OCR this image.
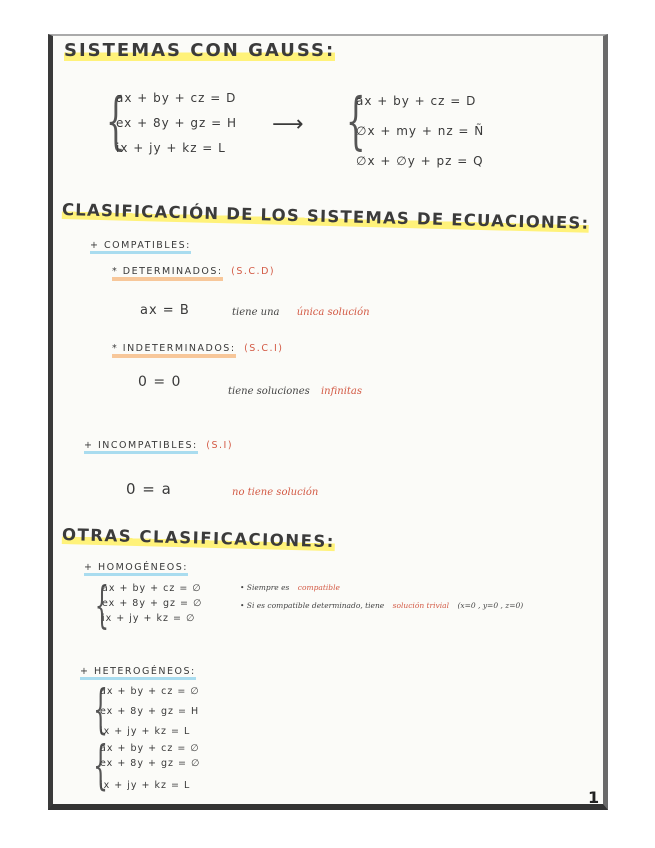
SISTEMAS CON GAUSS:
{
ax + by + cz = D
ex + 8y + gz = H
ix + jy + kz = L
⟶ {
ax + by + cz = D
∅x + my + nz = Ñ
∅x + ∅y + pz = Q
CLASIFICACIÓN DE LOS SISTEMAS DE ECUACIONES:
+ COMPATIBLES:
* DETERMINADOS: (S.C.D)
ax = B	tiene una única solución
* INDETERMINADOS: (S.C.I)
0 = 0
tiene soluciones infinitas
+ INCOMPATIBLES: (S.I)
0 = a	no tiene solución
OTRAS CLASIFICACIONES:
+ HOMOGÉNEOS:
{
ax + by + cz = ∅
ex + 8y + gz = ∅
ix + jy + kz = ∅
• Siempre es compatible
• Si es compatible determinado, tiene solución trivial (x=0 , y=0 , z=0)
+ HETEROGÉNEOS:
{
ax + by + cz = ∅
ex + 8y + gz = H
ix + jy + kz = L
{
ax + by + cz = ∅
ex + 8y + gz = ∅
ix + jy + kz = L
1
